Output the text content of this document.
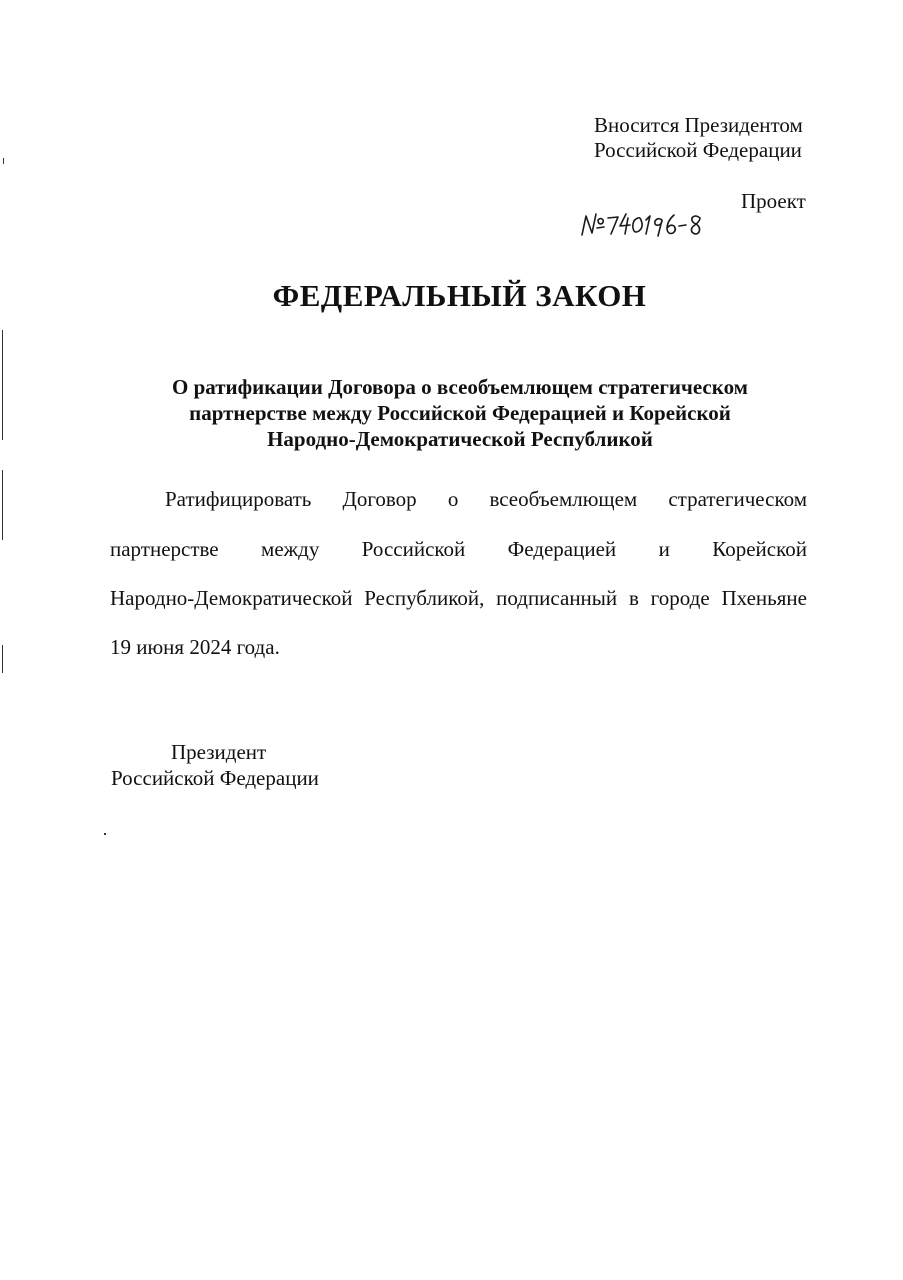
Вносится Президентом
Российской Федерации
Проект
ФЕДЕРАЛЬНЫЙ ЗАКОН
О ратификации Договора о всеобъемлющем стратегическом
партнерстве между Российской Федерацией и Корейской
Народно-Демократической Республикой
Ратифицировать Договор о всеобъемлющем стратегическом
партнерстве между Российской Федерацией и Корейской
Народно-Демократической Республикой, подписанный в городе Пхеньяне
19 июня 2024 года.
Президент
Российской Федерации
